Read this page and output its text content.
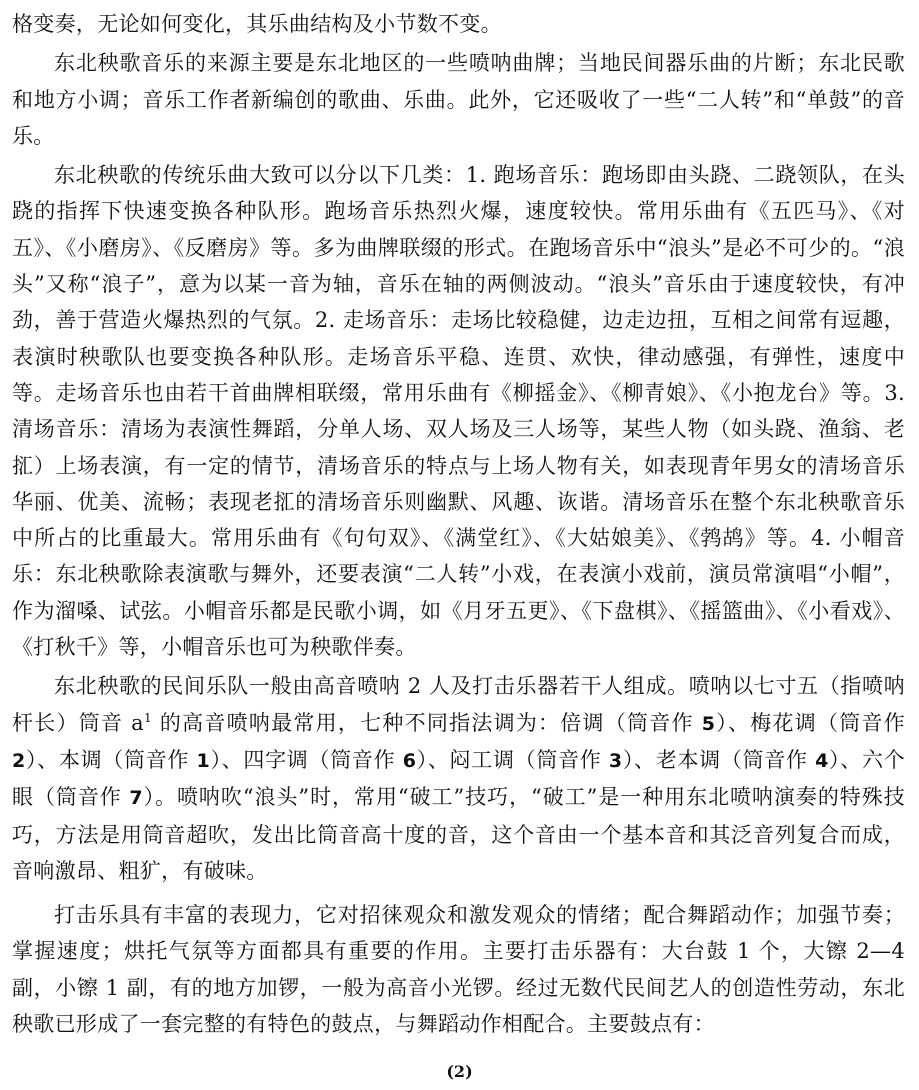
格变奏，无论如何变化，其乐曲结构及小节数不变。

东北秧歌音乐的来源主要是东北地区的一些喷呐曲牌；当地民间器乐曲的片断；东北民歌和地方小调；音乐工作者新编创的歌曲、乐曲。此外，它还吸收了一些“二人转”和“单鼓”的音乐。

东北秧歌的传统乐曲大致可以分以下几类：1. 跑场音乐：跑场即由头跷、二跷领队，在头跷的指挥下快速变换各种队形。跑场音乐热烈火爆，速度较快。常用乐曲有《五匹马》、《对五》、《小磨房》、《反磨房》等。多为曲牌联缀的形式。在跑场音乐中“浪头”是必不可少的。“浪头”又称“浪子”，意为以某一音为轴，音乐在轴的两侧波动。“浪头”音乐由于速度较快，有冲劲，善于营造火爆热烈的气氛。2. 走场音乐：走场比较稳健，边走边扭，互相之间常有逗趣，表演时秧歌队也要变换各种队形。走场音乐平稳、连贯、欢快，律动感强，有弹性，速度中等。走场音乐也由若干首曲牌相联缀，常用乐曲有《柳摇金》、《柳青娘》、《小抱龙台》等。3. 清场音乐：清场为表演性舞蹈，分单人场、双人场及三人场等，某些人物（如头跷、渔翁、老㧟）上场表演，有一定的情节，清场音乐的特点与上场人物有关，如表现青年男女的清场音乐华丽、优美、流畅；表现老㧟的清场音乐则幽默、风趣、诙谐。清场音乐在整个东北秧歌音乐中所占的比重最大。常用乐曲有《句句双》、《满堂红》、《大姑娘美》、《鹁鸪》等。4. 小帽音乐：东北秧歌除表演歌与舞外，还要表演“二人转”小戏，在表演小戏前，演员常演唱“小帽”，作为溜嗓、试弦。小帽音乐都是民歌小调，如《月牙五更》、《下盘棋》、《摇篮曲》、《小看戏》、《打秋千》等，小帽音乐也可为秧歌伴奏。

东北秧歌的民间乐队一般由高音喷呐 2 人及打击乐器若干人组成。喷呐以七寸五（指喷呐杆长）筒音 $a^1$ 的高音喷呐最常用，七种不同指法调为：倍调（筒音作 5）、梅花调（筒音作 2）、本调（筒音作 1）、四字调（筒音作 6）、闷工调（筒音作 3）、老本调（筒音作 4）、六个眼（筒音作 7）。喷呐吹“浪头”时，常用“破工”技巧，“破工”是一种用东北喷呐演奏的特殊技巧，方法是用筒音超吹，发出比筒音高十度的音，这个音由一个基本音和其泛音列复合而成，音响激昂、粗犷，有破味。

打击乐具有丰富的表现力，它对招徕观众和激发观众的情绪；配合舞蹈动作；加强节奏；掌握速度；烘托气氛等方面都具有重要的作用。主要打击乐器有：大台鼓 1 个，大镲 2—4 副，小镲 1 副，有的地方加锣，一般为高音小光锣。经过无数代民间艺人的创造性劳动，东北秧歌已形成了一套完整的有特色的鼓点，与舞蹈动作相配合。主要鼓点有：

(2)
